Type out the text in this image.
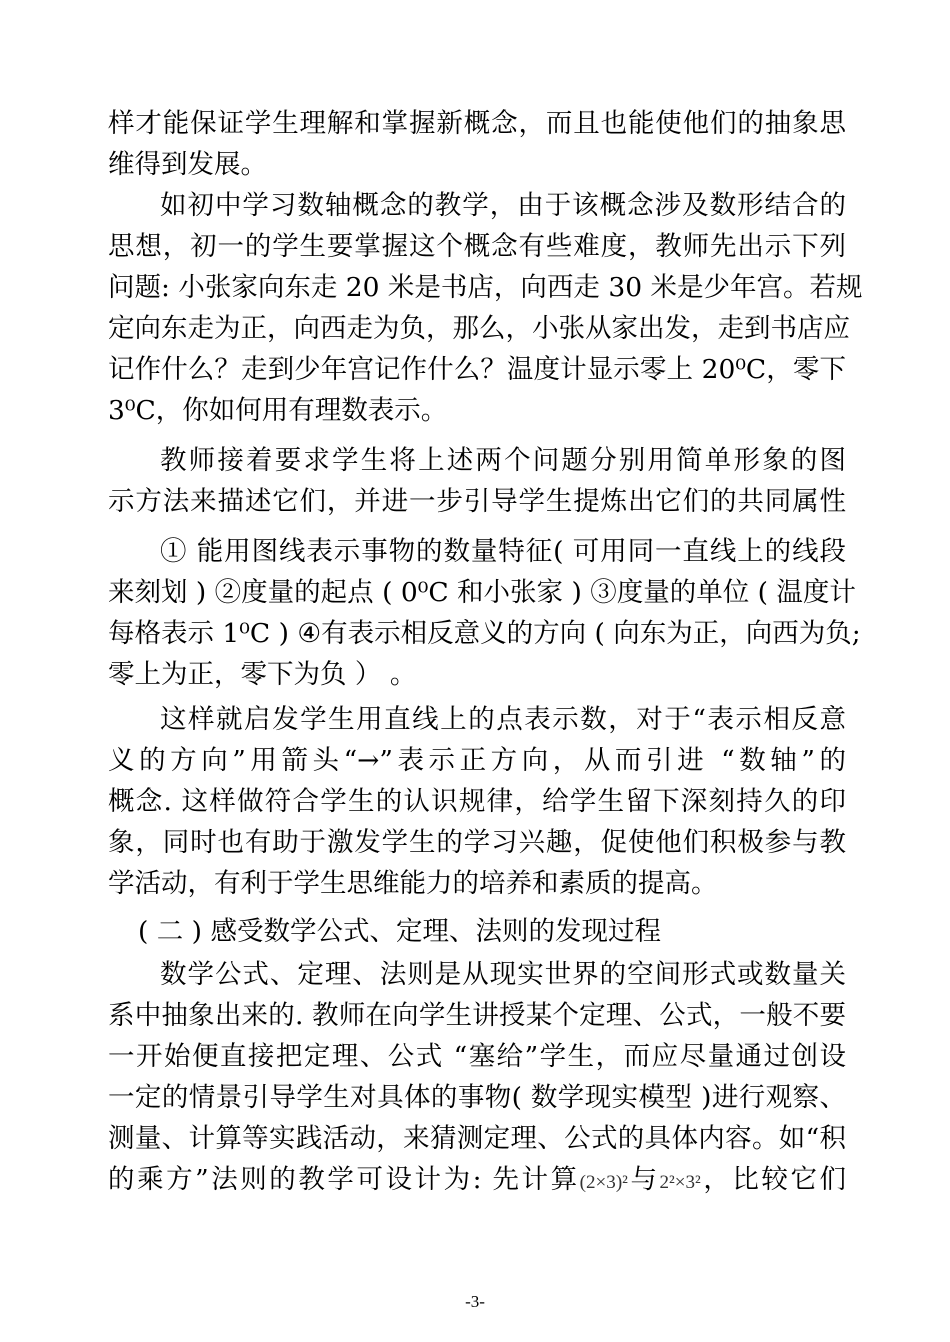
样才能保证学生理解和掌握新概念，而且也能使他们的抽象思
维得到发展。
如初中学习数轴概念的教学，由于该概念涉及数形结合的
思想，初一的学生要掌握这个概念有些难度，教师先出示下列
问题: 小张家向东走 20 米是书店，向西走 30 米是少年宫。若规
定向东走为正，向西走为负，那么，小张从家出发，走到书店应
记作什么？走到少年宫记作什么？温度计显示零上 20⁰C，零下
3⁰C，你如何用有理数表示。
教师接着要求学生将上述两个问题分别用简单形象的图
示方法来描述它们，并进一步引导学生提炼出它们的共同属性
① 能用图线表示事物的数量特征( 可用同一直线上的线段
来刻划 ) ②度量的起点 ( 0⁰C 和小张家 ) ③度量的单位 ( 温度计
每格表示 1⁰C ) ④有表示相反意义的方向 ( 向东为正，向西为负;
零上为正，零下为负 ） 。
这样就启发学生用直线上的点表示数，对于“表示相反意
义的方向”用箭头“→”表示正方向，从而引进 “数轴”的
概念. 这样做符合学生的认识规律，给学生留下深刻持久的印
象，同时也有助于激发学生的学习兴趣，促使他们积极参与教
学活动，有利于学生思维能力的培养和素质的提高。
( 二 ) 感受数学公式、定理、法则的发现过程
数学公式、定理、法则是从现实世界的空间形式或数量关
系中抽象出来的. 教师在向学生讲授某个定理、公式，一般不要
一开始便直接把定理、公式 “塞给”学生，而应尽量通过创设
一定的情景引导学生对具体的事物( 数学现实模型 )进行观察、
测量、计算等实践活动，来猜测定理、公式的具体内容。如“积
的乘方”法则的教学可设计为: 先计算(2×3)²与2²×3²，比较它们
-3-
